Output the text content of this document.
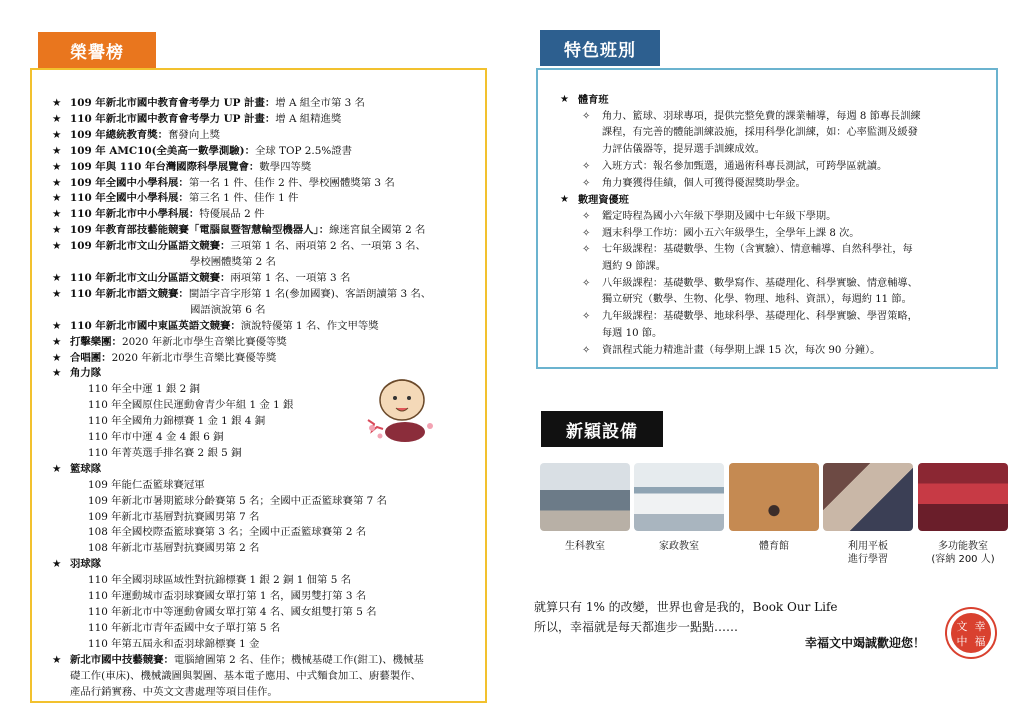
榮譽榜	特色班別
新穎設備
★ 109 年新北市國中教育會考學力 UP 計畫：增 A 組全市第 3 名
★ 110 年新北市國中教育會考學力 UP 計畫：增 A 組精進獎
★ 109 年總統教育獎：奮發向上獎
★ 109 年 AMC10(全美高一數學測驗)：全球 TOP 2.5%證書
★ 109 年與 110 年台灣國際科學展覽會：數學四等獎
★ 109 年全國中小學科展：第一名 1 件、佳作 2 件、學校團體獎第 3 名
★ 110 年全國中小學科展：第三名 1 件、佳作 1 件
★ 110 年新北市中小學科展：特優展品 2 件
★ 109 年教育部技藝能競賽「電腦鼠暨智慧輪型機器人」：線迷宮鼠全國第 2 名
★ 109 年新北市文山分區語文競賽：三項第 1 名、兩項第 2 名、一項第 3 名、
學校團體獎第 2 名
★ 110 年新北市文山分區語文競賽：兩項第 1 名、一項第 3 名
★ 110 年新北市語文競賽：閩語字音字形第 1 名(參加國賽)、客語朗讀第 3 名、
國語演說第 6 名
★ 110 年新北市國中東區英語文競賽：演說特優第 1 名、作文甲等獎
★ 打擊樂團：2020 年新北市學生音樂比賽優等獎
★ 合唱團：2020 年新北市學生音樂比賽優等獎
★ 角力隊
110 年全中運 1 銀 2 銅
110 年全國原住民運動會青少年組 1 金 1 銀
110 年全國角力錦標賽 1 金 1 銀 4 銅
110 年市中運 4 金 4 銀 6 銅
110 年菁英選手排名賽 2 銀 5 銅
★ 籃球隊
109 年能仁盃籃球賽冠軍
109 年新北市暑期籃球分齡賽第 5 名；全國中正盃籃球賽第 7 名
109 年新北市基層對抗賽國男第 7 名
108 年全國校際盃籃球賽第 3 名；全國中正盃籃球賽第 2 名
108 年新北市基層對抗賽國男第 2 名
★ 羽球隊
110 年全國羽球區域性對抗錦標賽 1 銀 2 銅 1 佃第 5 名
110 年運動城市盃羽球賽國女單打第 1 名，國男雙打第 3 名
110 年新北市中等運動會國女單打第 4 名、國女組雙打第 5 名
110 年新北市青年盃國中女子單打第 5 名
110 年第五屆永和盃羽球錦標賽 1 金
★ 新北市國中技藝競賽：電腦繪圖第 2 名、佳作；機械基礎工作(鉗工)、機械基
礎工作(車床)、機械識圖與製圖、基本電子應用、中式麵食加工、廚藝製作、
產品行銷實務、中英文文書處理等項目佳作。
★ 體育班
✧	角力、籃球、羽球專項，提供完整免費的課業輔導，每週 8 節專長訓練
課程，有完善的體能訓練設施，採用科學化訓練，如：心率監測及緩發
力評估儀器等，提昇選手訓練成效。
✧	入班方式：報名參加甄選，通過術科專長測試，可跨學區就讀。
✧	角力賽獲得佳績，個人可獲得優渥獎助學金。
★ 數理資優班
✧	鑑定時程為國小六年級下學期及國中七年級下學期。
✧	週末科學工作坊：國小五六年級學生，全學年上課 8 次。
✧	七年級課程：基礎數學、生物（含實驗）、情意輔導、自然科學社，每
週約 9 節課。
✧	八年級課程：基礎數學、數學寫作、基礎理化、科學實驗、情意輔導、
獨立研究（數學、生物、化學、物理、地科、資訊），每週約 11 節。
✧	九年級課程：基礎數學、地球科學、基礎理化、科學實驗、學習策略，
每週 10 節。
✧	資訊程式能力精進計畫（每學期上課 15 次，每次 90 分鐘）。
生科教室	家政教室	體育館	利用平板
進行學習
多功能教室
(容納 200 人)
就算只有 1% 的改變，世界也會是我的，Book Our Life
所以，幸福就是每天都進步一點點……
幸福文中竭誠歡迎您！
文 幸
中 福
